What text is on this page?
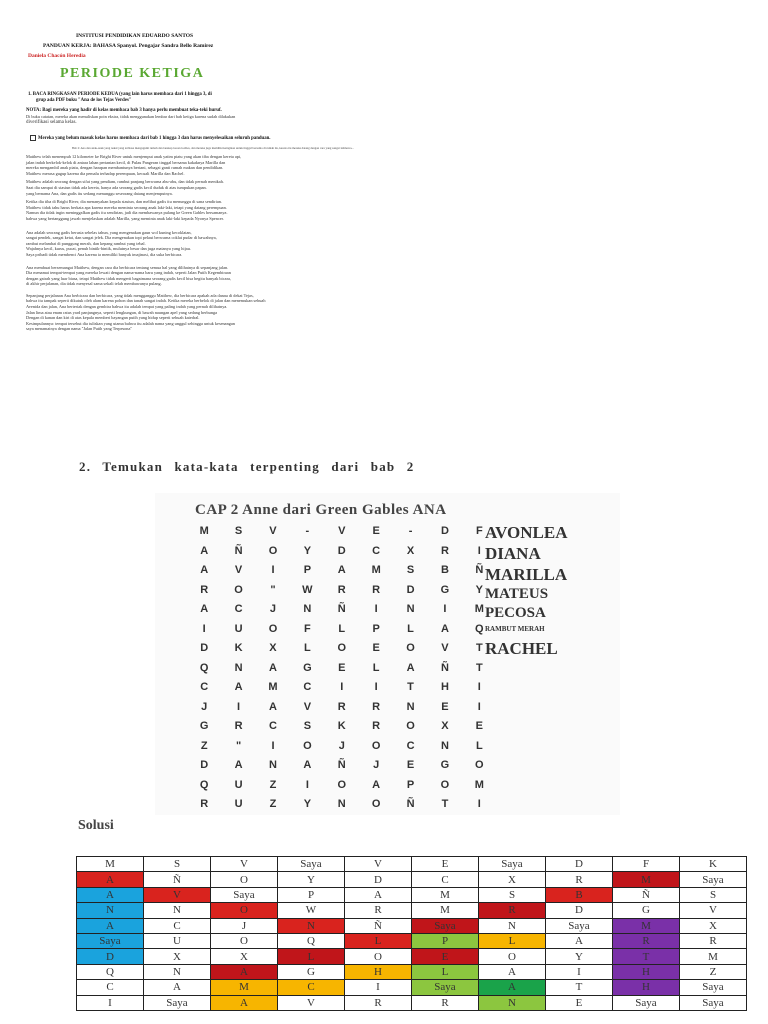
INSTITUSI PENDIDIKAN EDUARDO SANTOS
PANDUAN KERJA: BAHASA Spanyol. Pengajar Sandra Bello Ramirez
Daniela Chacón Heredia
PERIODE KETIGA
1. BACA RINGKASAN PERIODE KEDUA (yang lain harus membaca dari 1 hingga 3, di
grup ada PDF buku "Ana de los Tejas Verdes"
NOTA: Bagi mereka yang hadir di kelas membaca bab 3 hanya perlu membuat teka-teki huruf.
Di buku catatan, mereka akan menuliskan poin ekstra, tidak menggunakan lembar dari bab ketiga karena sudah dilakukan
diverifikasi selama kelas.
Mereka yang belum masuk kelas harus membaca dari bab 1 hingga 3 dan harus menyelesaikan seluruh panduan.
Bab 2: Ana dan anak-anak yang nakal yang terbiasa mengagumi rumah dan lanskap Green Gables, dan mereka juga memiliki keinginan untuk tinggal bersama di rumah itu, karena itu mereka datang dengan cara yang sangat istimewa...
Matthew telah menempuh 12 kilometer ke Bright River untuk menjemput anak yatim piatu yang akan tiba dengan kereta api,
jalan indah berkelok-kelok di antara lahan pertanian kecil, di Pulau Pangeran tinggal bersama kakaknya Marilla dan
mereka mengambil anak piatu, dengan harapan membantunya bertani, sebagai ganti rumah makan dan pendidikan.
Matthew merasa gugup karena dia pemalu terhadap perempuan, kecuali Marilla dan Rachel.
Matthew adalah seorang dengan sifat yang pendiam, rambut panjang berwarna abu-abu, dan tidak pernah menikah.
Saat dia sampai di stasiun tidak ada kereta, hanya ada seorang gadis kecil duduk di atas tumpukan papan.
yang bernama Ana, dan gadis itu sedang menunggu seseorang datang menjemputnya.
Ketika dia tiba di Bright River, dia menanyakan kepala stasiun, dan melihat gadis itu menunggu di sana sendirian.
Matthew tidak tahu harus berkata apa karena mereka meminta seorang anak laki-laki, tetapi yang datang perempuan.
Namun dia tidak ingin meninggalkan gadis itu sendirian, jadi dia membawanya pulang ke Green Gables bersamanya.
bahwa yang bertanggung jawab menjelaskan adalah Marilla, yang meminta anak laki-laki kepada Nyonya Spencer.
Ana adalah seorang gadis berusia sebelas tahun, yang mengenakan gaun wol kuning kecoklatan,
sangat pendek, sangat ketat, dan sangat jelek. Dia mengenakan topi pelaut berwarna coklat pudar di bawahnya,
rambut melambai di punggung merah, dan kepang rambut yang tebal.
Wajahnya kecil, kurus, pucat, penuh bintik-bintik, mulutnya besar dan juga matanya yang hijau.
Saya pribadi tidak membenci Ana karena ia memiliki banyak imajinasi, dia suka berbicara.
Ana membuat bersemangat Matthew, dengan cara dia berbicara tentang semua hal yang dilihatnya di sepanjang jalan.
Dia menamai tempat-tempat yang mereka lewati dengan nama-nama baru yang indah, seperti Jalan Putih Kegembiraan
dengan gairah yang luar biasa, tetapi Matthew tidak mengerti bagaimana seorang gadis kecil bisa begitu banyak bicara,
di akhir perjalanan, dia tidak menyesal sama sekali telah membawanya pulang.
Sepanjang perjalanan Ana berbicara dan berbicara, yang tidak mengganggu Matthew, dia berbicara apakah ada danau di dekat Tejas,
bahwa itu tampak seperti dikutuk oleh alam karena pohon dan tanah sangat indah. Ketika mereka berbelok di jalan dan menemukan sebuah
Avenida dan jalan, Ana berteriak dengan gembira bahwa itu adalah tempat yang paling indah yang pernah dilihatnya.
Jalan lima atau enam ratus yard panjangnya, seperti lengkungan, di bawah naungan apel yang sedang berbunga
Dengan di kanan dan kiri di atas kepala memberi bayangan putih yang hidup seperti sebuah katedral.
Kesimpulannya: tempat tersebut dia tuliskan yang utama bahwa itu adalah nama yang unggul sehingga untuk kesenangan
saya menamainya dengan nama "Jalan Putih yang Terpesona"
2. Temukan kata-kata terpenting dari bab 2
CAP 2 Anne dari Green Gables ANA
M	S	V	-	V	E	-	D	F
A	Ñ	O	Y	D	C	X	R	I
A	V	I	P	A	M	S	B	Ñ
R	O	"	W	R	R	D	G	Y
A	C	J	N	Ñ	I	N	I	M
I	U	O	F	L	P	L	A	Q
D	K	X	L	O	E	O	V	T
Q	N	A	G	E	L	A	Ñ	T
C	A	M	C	I	I	T	H	I
J	I	A	V	R	R	N	E	I
G	R	C	S	K	R	O	X	E
Z	"	I	O	J	O	C	N	L
D	A	N	A	Ñ	J	E	G	O
Q	U	Z	I	O	A	P	O	M
R	U	Z	Y	N	O	Ñ	T	I
AVONLEA
DIANA
MARILLA
MATEUS
PECOSA
RAMBUT MERAH
RACHEL
Solusi
M	S	V	Saya	V	E	Saya	D	F	K
A	Ñ	O	Y	D	C	X	R	M	Saya
A	V	Saya	P	A	M	S	B	Ñ	S
N	N	O	W	R	M	R	D	G	V
A	C	J	N	Ñ	Saya	N	Saya	M	X
Saya	U	O	Q	L	P	L	A	R	R
D	X	X	L	O	E	O	Y	T	M
Q	N	A	G	H	L	A	I	H	Z
C	A	M	C	I	Saya	A	T	H	Saya
I	Saya	A	V	R	R	N	E	Saya	Saya
